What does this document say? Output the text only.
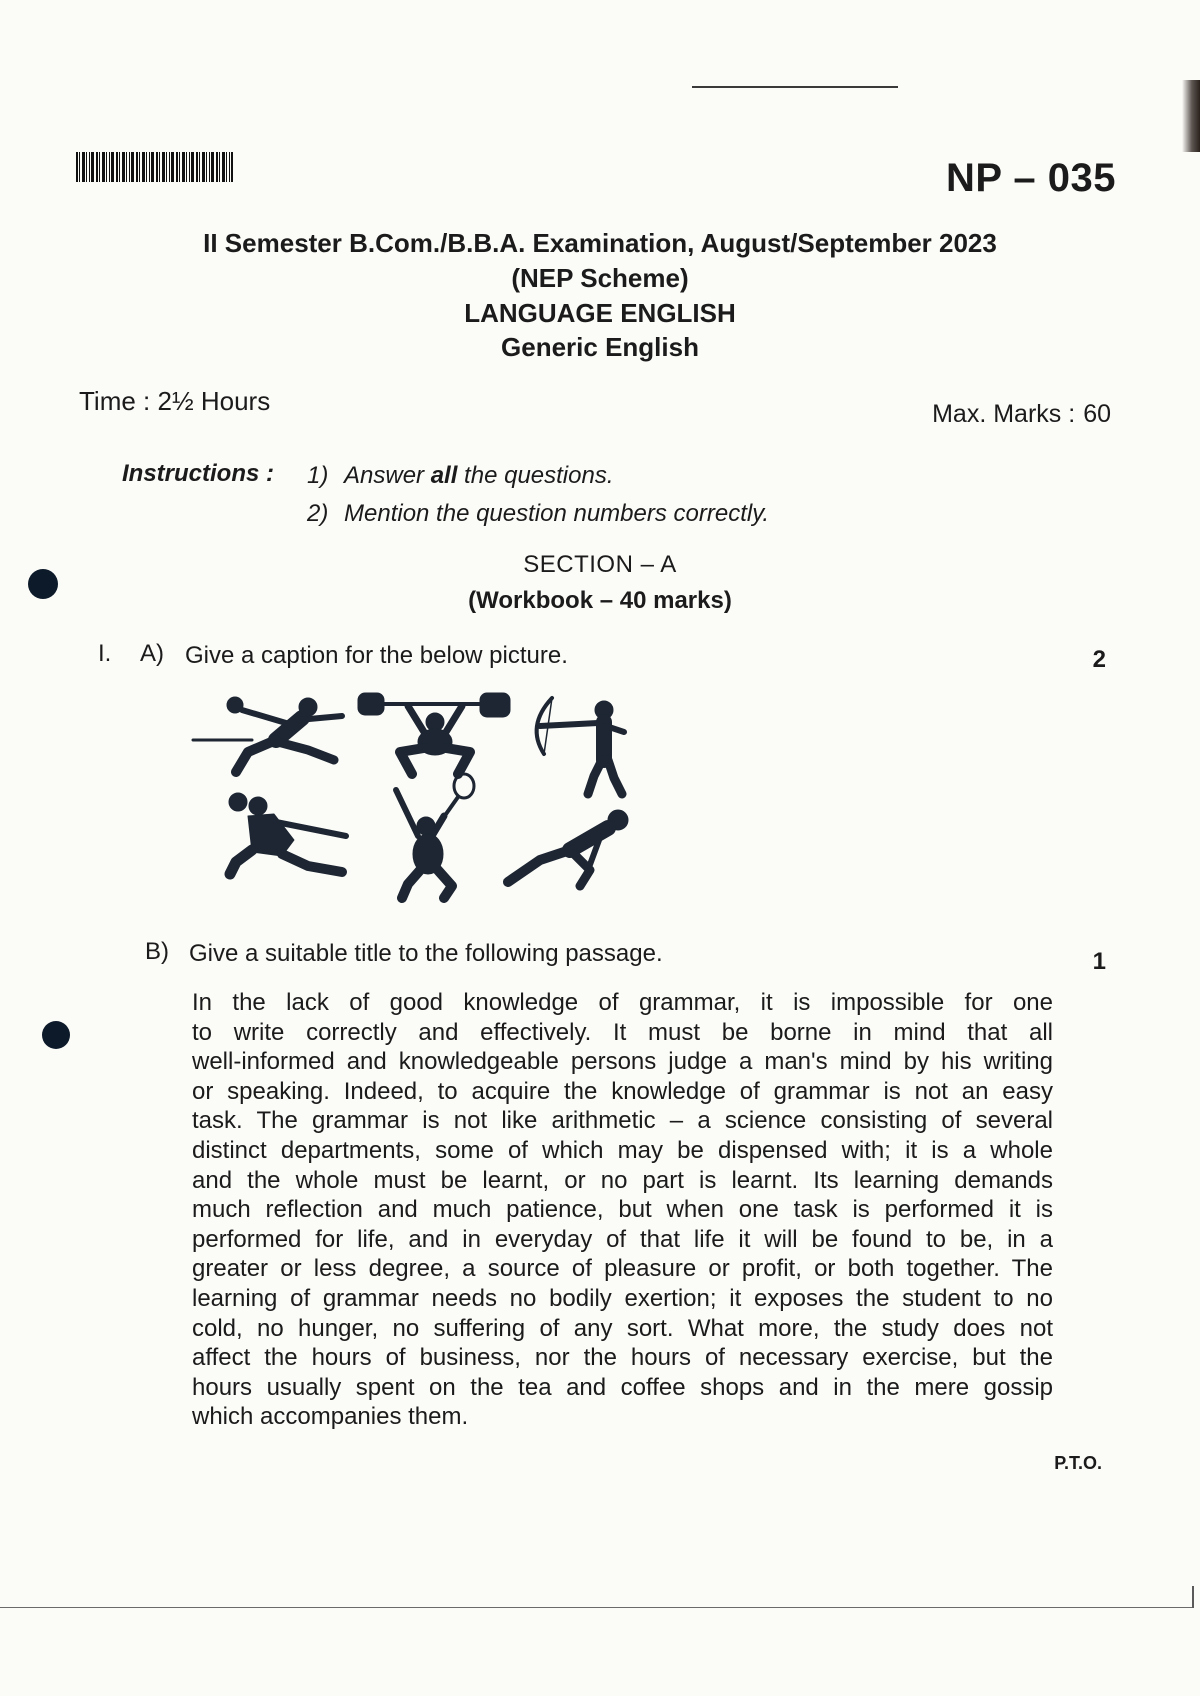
NP – 035
II Semester B.Com./B.B.A. Examination, August/September 2023
(NEP Scheme)
LANGUAGE ENGLISH
Generic English
Time : 2½ Hours	Max. Marks : 60
Instructions : 1) Answer all the questions.
2) Mention the question numbers correctly.
SECTION – A
(Workbook – 40 marks)
I. A) Give a caption for the below picture.	2
B) Give a suitable title to the following passage.	1
In the lack of good knowledge of grammar, it is impossible for one
to write correctly and effectively. It must be borne in mind that all
well-informed and knowledgeable persons judge a man's mind by his writing
or speaking. Indeed, to acquire the knowledge of grammar is not an easy
task. The grammar is not like arithmetic – a science consisting of several
distinct departments, some of which may be dispensed with; it is a whole
and the whole must be learnt, or no part is learnt. Its learning demands
much reflection and much patience, but when one task is performed it is
performed for life, and in everyday of that life it will be found to be, in a
greater or less degree, a source of pleasure or profit, or both together. The
learning of grammar needs no bodily exertion; it exposes the student to no
cold, no hunger, no suffering of any sort. What more, the study does not
affect the hours of business, nor the hours of necessary exercise, but the
hours usually spent on the tea and coffee shops and in the mere gossip
which accompanies them.
P.T.O.
